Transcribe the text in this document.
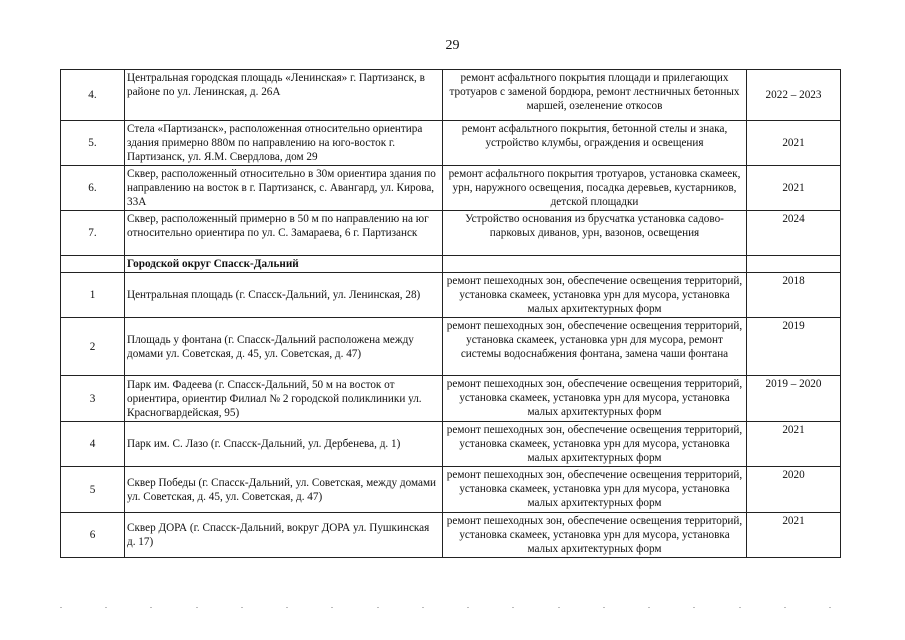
29
4.	Центральная городская площадь «Ленинская» г. Партизанск, в районе по ул. Ленинская, д. 26А	ремонт асфальтного покрытия площади и прилегающих тротуаров с заменой бордюра, ремонт лестничных бетонных маршей, озеленение откосов	2022 – 2023
5.	Стела «Партизанск», расположенная относительно ориентира здания примерно 880м по направлению на юго-восток г. Партизанск, ул. Я.М. Свердлова, дом 29	ремонт асфальтного покрытия, бетонной стелы и знака, устройство клумбы, ограждения и освещения	2021
6.	Сквер, расположенный относительно в 30м ориентира здания по направлению на восток в г. Партизанск, с. Авангард, ул. Кирова, 33А	ремонт асфальтного покрытия тротуаров, установка скамеек, урн, наружного освещения, посадка деревьев, кустарников, детской площадки	2021
7.	Сквер, расположенный примерно в 50 м по направлению на юг относительно ориентира по ул. С. Замараева, 6 г. Партизанск	Устройство основания из брусчатка установка садово-парковых диванов, урн, вазонов, освещения	2024
	Городской округ Спасск-Дальний		
1	Центральная площадь (г. Спасск-Дальний, ул. Ленинская, 28)	ремонт пешеходных зон, обеспечение освещения территорий, установка скамеек, установка урн для мусора, установка малых архитектурных форм	2018
2	Площадь у фонтана (г. Спасск-Дальний расположена между домами ул. Советская, д. 45, ул. Советская, д. 47)	ремонт пешеходных зон, обеспечение освещения территорий, установка скамеек, установка урн для мусора, ремонт системы водоснабжения фонтана, замена чаши фонтана	2019
3	Парк им. Фадеева (г. Спасск-Дальний, 50 м на восток от ориентира, ориентир Филиал № 2 городской поликлиники ул. Красногвардейская, 95)	ремонт пешеходных зон, обеспечение освещения территорий, установка скамеек, установка урн для мусора, установка малых архитектурных форм	2019 – 2020
4	Парк им. С. Лазо (г. Спасск-Дальний, ул. Дербенева, д. 1)	ремонт пешеходных зон, обеспечение освещения территорий, установка скамеек, установка урн для мусора, установка малых архитектурных форм	2021
5	Сквер Победы (г. Спасск-Дальний, ул. Советская, между домами ул. Советская, д. 45, ул. Советская, д. 47)	ремонт пешеходных зон, обеспечение освещения территорий, установка скамеек, установка урн для мусора, установка малых архитектурных форм	2020
6	Сквер ДОРА (г. Спасск-Дальний, вокруг ДОРА ул. Пушкинская д. 17)	ремонт пешеходных зон, обеспечение освещения территорий, установка скамеек, установка урн для мусора, установка малых архитектурных форм	2021
